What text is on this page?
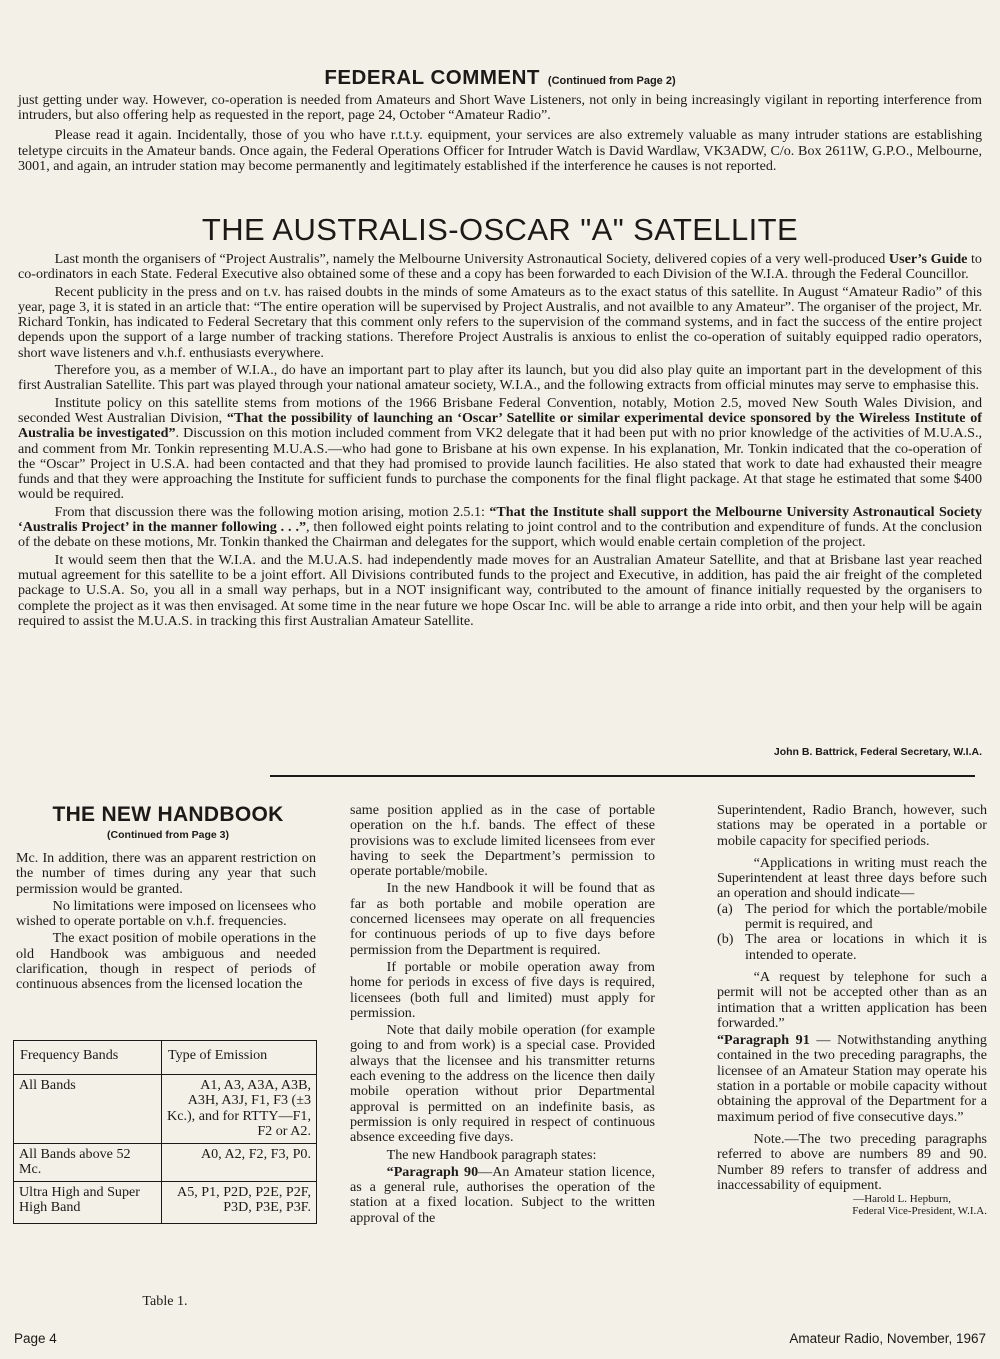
FEDERAL COMMENT (Continued from Page 2)

just getting under way. However, co-operation is needed from Amateurs and Short Wave Listeners, not only in being increasingly vigilant in reporting interference from intruders, but also offering help as requested in the report, page 24, October “Amateur Radio”.

Please read it again. Incidentally, those of you who have r.t.t.y. equipment, your services are also extremely valuable as many intruder stations are establishing teletype circuits in the Amateur bands. Once again, the Federal Operations Officer for Intruder Watch is David Wardlaw, VK3ADW, C/o. Box 2611W, G.P.O., Melbourne, 3001, and again, an intruder station may become permanently and legitimately established if the interference he causes is not reported.

THE AUSTRALIS-OSCAR "A" SATELLITE

Last month the organisers of “Project Australis”, namely the Melbourne University Astronautical Society, delivered copies of a very well-produced User’s Guide to co-ordinators in each State. Federal Executive also obtained some of these and a copy has been forwarded to each Division of the W.I.A. through the Federal Councillor.

Recent publicity in the press and on t.v. has raised doubts in the minds of some Amateurs as to the exact status of this satellite. In August “Amateur Radio” of this year, page 3, it is stated in an article that: “The entire operation will be supervised by Project Australis, and not availble to any Amateur”. The organiser of the project, Mr. Richard Tonkin, has indicated to Federal Secretary that this comment only refers to the supervision of the command systems, and in fact the success of the entire project depends upon the support of a large number of tracking stations. Therefore Project Australis is anxious to enlist the co-operation of suitably equipped radio operators, short wave listeners and v.h.f. enthusiasts everywhere.

Therefore you, as a member of W.I.A., do have an important part to play after its launch, but you did also play quite an important part in the development of this first Australian Satellite. This part was played through your national amateur society, W.I.A., and the following extracts from official minutes may serve to emphasise this.

Institute policy on this satellite stems from motions of the 1966 Brisbane Federal Convention, notably, Motion 2.5, moved New South Wales Division, and seconded West Australian Division, “That the possibility of launching an ‘Oscar’ Satellite or similar experimental device sponsored by the Wireless Institute of Australia be investigated”. Discussion on this motion included comment from VK2 delegate that it had been put with no prior knowledge of the activities of M.U.A.S., and comment from Mr. Tonkin representing M.U.A.S.—who had gone to Brisbane at his own expense. In his explanation, Mr. Tonkin indicated that the co-operation of the “Oscar” Project in U.S.A. had been contacted and that they had promised to provide launch facilities. He also stated that work to date had exhausted their meagre funds and that they were approaching the Institute for sufficient funds to purchase the components for the final flight package. At that stage he estimated that some $400 would be required.

From that discussion there was the following motion arising, motion 2.5.1: “That the Institute shall support the Melbourne University Astronautical Society ‘Australis Project’ in the manner following . . .”, then followed eight points relating to joint control and to the contribution and expenditure of funds. At the conclusion of the debate on these motions, Mr. Tonkin thanked the Chairman and delegates for the support, which would enable certain completion of the project.

It would seem then that the W.I.A. and the M.U.A.S. had independently made moves for an Australian Amateur Satellite, and that at Brisbane last year reached mutual agreement for this satellite to be a joint effort. All Divisions contributed funds to the project and Executive, in addition, has paid the air freight of the completed package to U.S.A. So, you all in a small way perhaps, but in a NOT insignificant way, contributed to the amount of finance initially requested by the organisers to complete the project as it was then envisaged. At some time in the near future we hope Oscar Inc. will be able to arrange a ride into orbit, and then your help will be again required to assist the M.U.A.S. in tracking this first Australian Amateur Satellite.

John B. Battrick, Federal Secretary, W.I.A.
THE NEW HANDBOOK
(Continued from Page 3)

Mc. In addition, there was an apparent restriction on the number of times during any year that such permission would be granted.

No limitations were imposed on licensees who wished to operate portable on v.h.f. frequencies.

The exact position of mobile operations in the old Handbook was ambiguous and needed clarification, though in respect of periods of continuous absences from the licensed location the

Frequency Bands	Type of Emission
All Bands	A1, A3, A3A, A3B, A3H, A3J, F1, F3 (±3 Kc.), and for RTTY—F1, F2 or A2.
All Bands above 52 Mc.	A0, A2, F2, F3, P0.
Ultra High and Super High Band	A5, P1, P2D, P2E, P2F, P3D, P3E, P3F.
Table 1.

same position applied as in the case of portable operation on the h.f. bands. The effect of these provisions was to exclude limited licensees from ever having to seek the Department’s permission to operate portable/mobile.

In the new Handbook it will be found that as far as both portable and mobile operation are concerned licensees may operate on all frequencies for continuous periods of up to five days before permission from the Department is required.

If portable or mobile operation away from home for periods in excess of five days is required, licensees (both full and limited) must apply for permission.

Note that daily mobile operation (for example going to and from work) is a special case. Provided always that the licensee and his transmitter returns each evening to the address on the licence then daily mobile operation without prior Departmental approval is permitted on an indefinite basis, as permission is only required in respect of continuous absence exceeding five days.

The new Handbook paragraph states:

“Paragraph 90—An Amateur station licence, as a general rule, authorises the operation of the station at a fixed location. Subject to the written approval of the

Superintendent, Radio Branch, however, such stations may be operated in a portable or mobile capacity for specified periods.

“Applications in writing must reach the Superintendent at least three days before such an operation and should indicate—

(a) The period for which the portable/mobile permit is required, and
(b) The area or locations in which it is intended to operate.

“A request by telephone for such a permit will not be accepted other than as an intimation that a written application has been forwarded.”

“Paragraph 91 — Notwithstanding anything contained in the two preceding paragraphs, the licensee of an Amateur Station may operate his station in a portable or mobile capacity without obtaining the approval of the Department for a maximum period of five consecutive days.”

Note.—The two preceding paragraphs referred to above are numbers 89 and 90. Number 89 refers to transfer of address and inaccessability of equipment.

—Harold L. Hepburn,
Federal Vice-President, W.I.A.
Page 4	Amateur Radio, November, 1967
